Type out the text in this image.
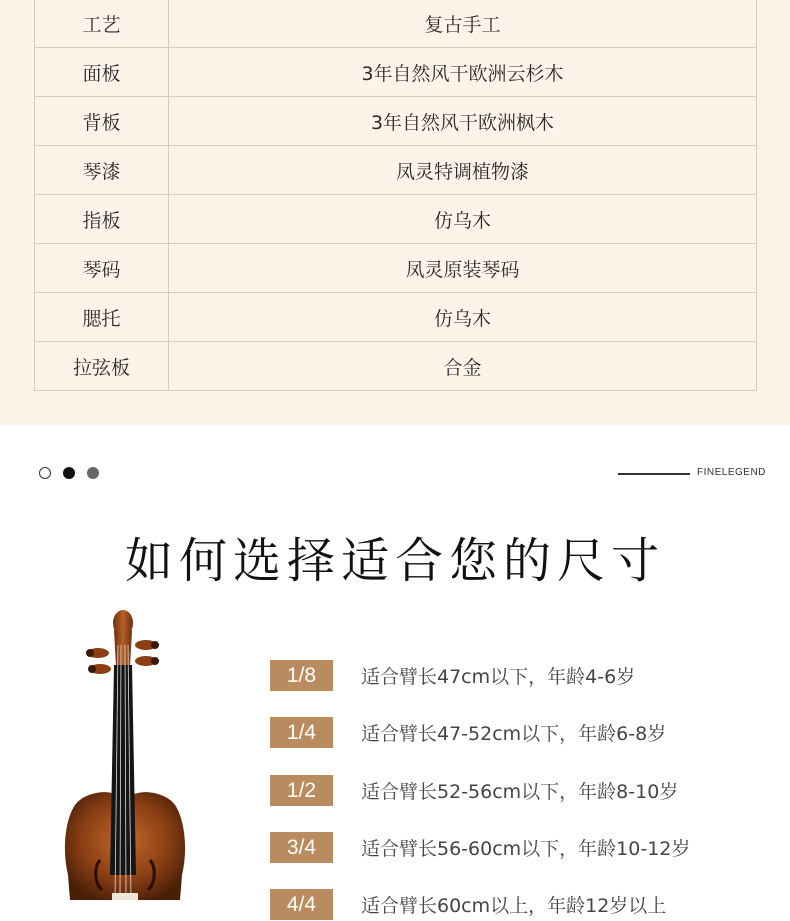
工艺	复古手工
面板	3年自然风干欧洲云杉木
背板	3年自然风干欧洲枫木
琴漆	凤灵特调植物漆
指板	仿乌木
琴码	凤灵原装琴码
腮托	仿乌木
拉弦板	合金
FINELEGEND
如何选择适合您的尺寸
1/8	适合臂长47cm以下，年龄4-6岁
1/4	适合臂长47-52cm以下，年龄6-8岁
1/2	适合臂长52-56cm以下，年龄8-10岁
3/4	适合臂长56-60cm以下，年龄10-12岁
4/4	适合臂长60cm以上，年龄12岁以上
